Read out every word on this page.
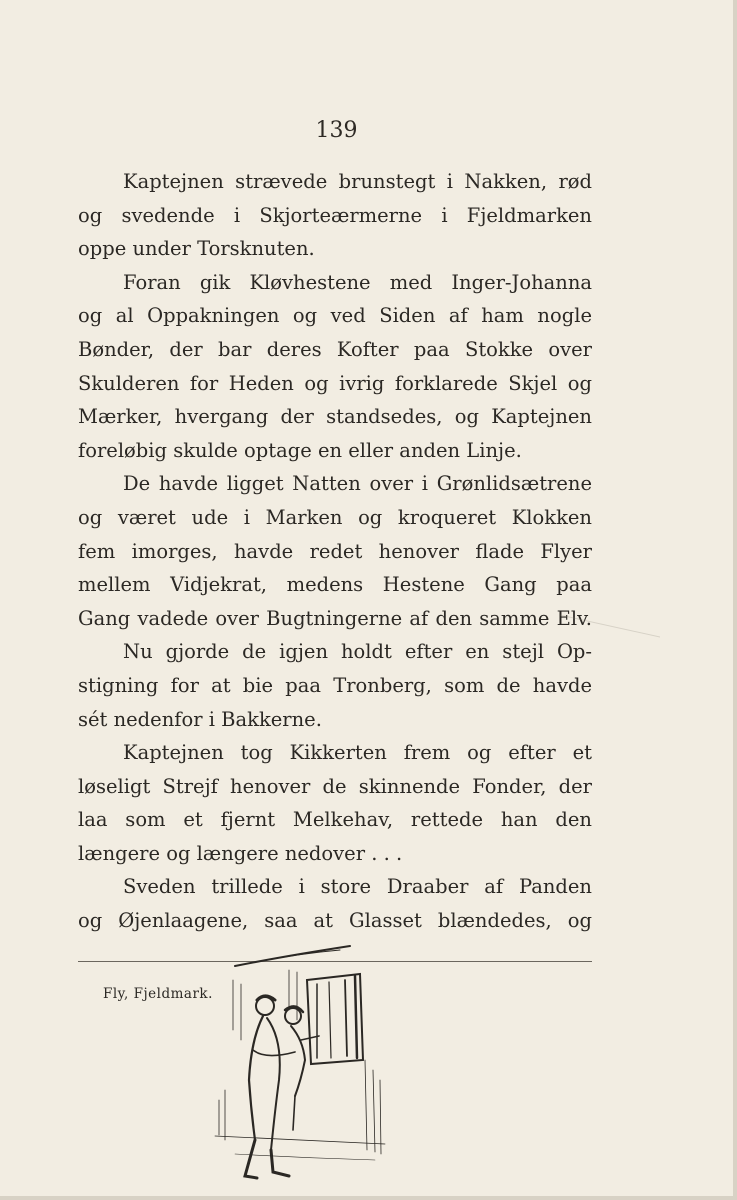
139

Kaptejnen strævede brunstegt i Nakken, rød
og svedende i Skjorteærmerne i Fjeldmarken
oppe under Torsknuten.

Foran gik Kløvhestene med Inger-Johanna
og al Oppakningen og ved Siden af ham nogle
Bønder, der bar deres Kofter paa Stokke over
Skulderen for Heden og ivrig forklarede Skjel og
Mærker, hvergang der standsedes, og Kaptejnen
foreløbig skulde optage en eller anden Linje.

De havde ligget Natten over i Grønlidsætrene
og været ude i Marken og kroqueret Klokken
fem imorges, havde redet henover flade Flyer
mellem Vidjekrat, medens Hestene Gang paa
Gang vadede over Bugtningerne af den samme Elv.

Nu gjorde de igjen holdt efter en stejl Op-
stigning for at bie paa Tronberg, som de havde
sét nedenfor i Bakkerne.

Kaptejnen tog Kikkerten frem og efter et
løseligt Strejf henover de skinnende Fonder, der
laa som et fjernt Melkehav, rettede han den
længere og længere nedover . . .

Sveden trillede i store Draaber af Panden
og Øjenlaagene, saa at Glasset blændedes, og

Fly, Fjeldmark.
